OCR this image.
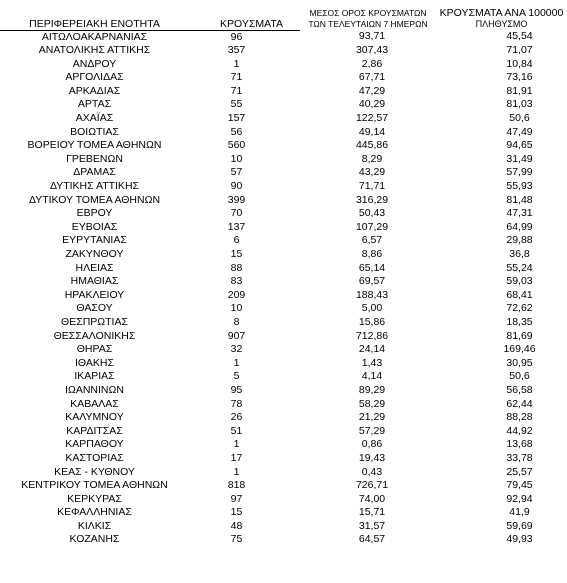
ΠΕΡΙΦΕΡΕΙΑΚΗ ΕΝΟΤΗΤΑ	ΚΡΟΥΣΜΑΤΑ	ΜΕΣΟΣ ΟΡΟΣ ΚΡΟΥΣΜΑΤΩΝ
ΤΩΝ ΤΕΛΕΥΤΑΙΩΝ 7 ΗΜΕΡΩΝ	ΚΡΟΥΣΜΑΤΑ ΑΝΑ 100000
ΠΛΗΘΥΣΜΟ

ΑΙΤΩΛΟΑΚΑΡΝΑΝΙΑΣ	96	93,71	45,54
ΑΝΑΤΟΛΙΚΗΣ ΑΤΤΙΚΗΣ	357	307,43	71,07
ΑΝΔΡΟΥ	1	2,86	10,84
ΑΡΓΟΛΙΔΑΣ	71	67,71	73,16
ΑΡΚΑΔΙΑΣ	71	47,29	81,91
ΑΡΤΑΣ	55	40,29	81,03
ΑΧΑΪΑΣ	157	122,57	50,6
ΒΟΙΩΤΙΑΣ	56	49,14	47,49
ΒΟΡΕΙΟΥ ΤΟΜΕΑ ΑΘΗΝΩΝ	560	445,86	94,65
ΓΡΕΒΕΝΩΝ	10	8,29	31,49
ΔΡΑΜΑΣ	57	43,29	57,99
ΔΥΤΙΚΗΣ ΑΤΤΙΚΗΣ	90	71,71	55,93
ΔΥΤΙΚΟΥ ΤΟΜΕΑ ΑΘΗΝΩΝ	399	316,29	81,48
ΕΒΡΟΥ	70	50,43	47,31
ΕΥΒΟΙΑΣ	137	107,29	64,99
ΕΥΡΥΤΑΝΙΑΣ	6	6,57	29,88
ΖΑΚΥΝΘΟΥ	15	8,86	36,8
ΗΛΕΙΑΣ	88	65,14	55,24
ΗΜΑΘΙΑΣ	83	69,57	59,03
ΗΡΑΚΛΕΙΟΥ	209	188,43	68,41
ΘΑΣΟΥ	10	5,00	72,62
ΘΕΣΠΡΩΤΙΑΣ	8	15,86	18,35
ΘΕΣΣΑΛΟΝΙΚΗΣ	907	712,86	81,69
ΘΗΡΑΣ	32	24,14	169,46
ΙΘΑΚΗΣ	1	1,43	30,95
ΙΚΑΡΙΑΣ	5	4,14	50,6
ΙΩΑΝΝΙΝΩΝ	95	89,29	56,58
ΚΑΒΑΛΑΣ	78	58,29	62,44
ΚΑΛΥΜΝΟΥ	26	21,29	88,28
ΚΑΡΔΙΤΣΑΣ	51	57,29	44,92
ΚΑΡΠΑΘΟΥ	1	0,86	13,68
ΚΑΣΤΟΡΙΑΣ	17	19,43	33,78
ΚΕΑΣ - ΚΥΘΝΟΥ	1	0,43	25,57
ΚΕΝΤΡΙΚΟΥ ΤΟΜΕΑ ΑΘΗΝΩΝ	818	726,71	79,45
ΚΕΡΚΥΡΑΣ	97	74,00	92,94
ΚΕΦΑΛΛΗΝΙΑΣ	15	15,71	41,9
ΚΙΛΚΙΣ	48	31,57	59,69
ΚΟΖΑΝΗΣ	75	64,57	49,93
